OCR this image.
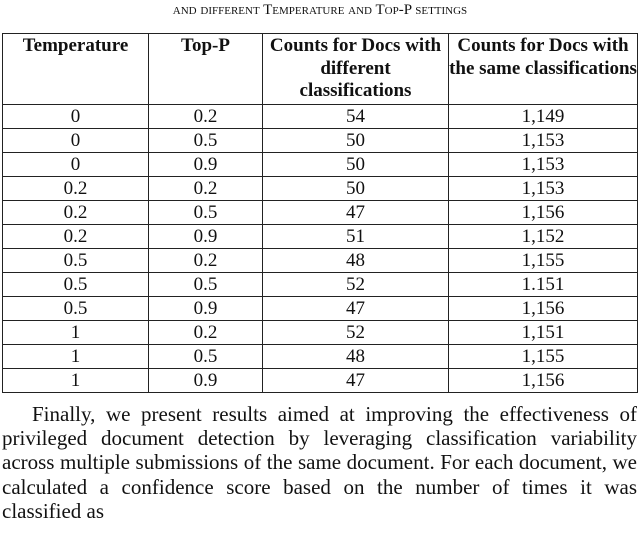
and different Temperature and Top-P settings
Temperature	Top-P	Counts for Docs with different classifications	Counts for Docs with the same classifications
0	0.2	54	1,149
0	0.5	50	1,153
0	0.9	50	1,153
0.2	0.2	50	1,153
0.2	0.5	47	1,156
0.2	0.9	51	1,152
0.5	0.2	48	1,155
0.5	0.5	52	1.151
0.5	0.9	47	1,156
1	0.2	52	1,151
1	0.5	48	1,155
1	0.9	47	1,156
Finally, we present results aimed at improving the effectiveness of privileged document detection by leveraging classification variability across multiple submissions of the same document. For each document, we calculated a confidence score based on the number of times it was classified as
